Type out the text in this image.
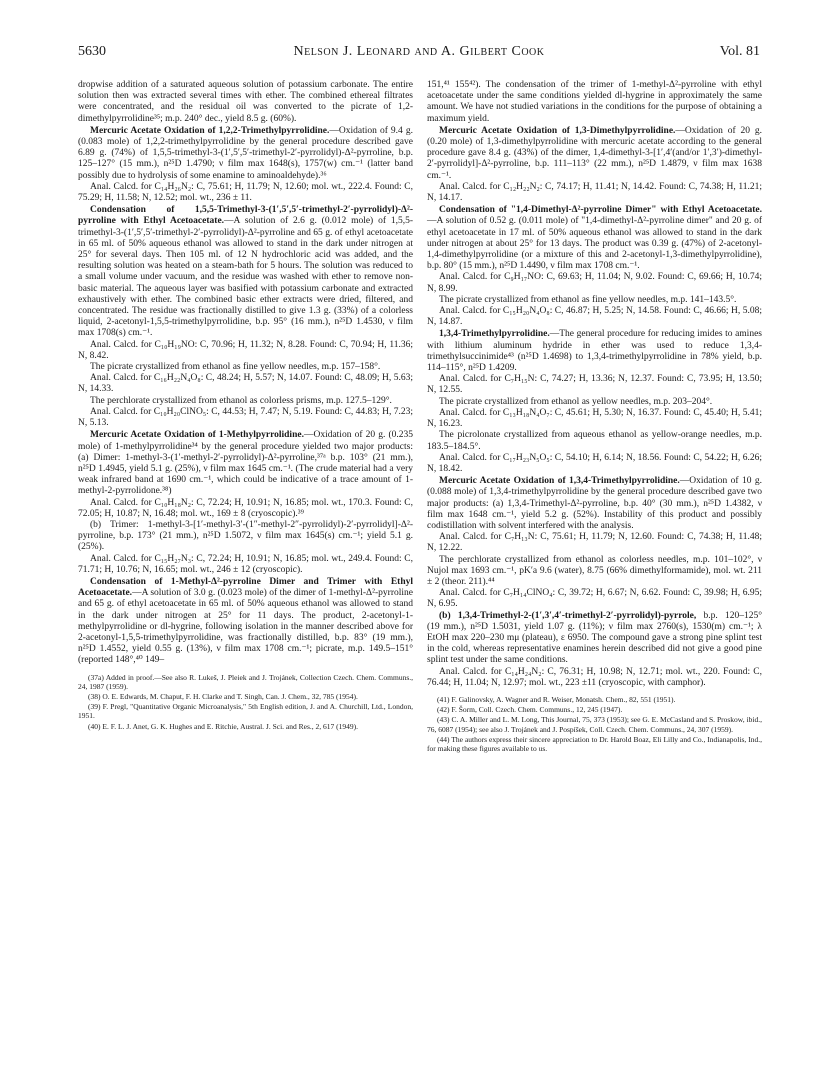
5630	Nelson J. Leonard and A. Gilbert Cook	Vol. 81

dropwise addition of a saturated aqueous solution of potassium carbonate. The entire solution then was extracted several times with ether. The combined ethereal filtrates were concentrated, and the residual oil was converted to the picrate of 1,2-dimethylpyrrolidine³⁵; m.p. 240° dec., yield 8.5 g. (60%).

Mercuric Acetate Oxidation of 1,2,2-Trimethylpyrrolidine.—Oxidation of 9.4 g. (0.083 mole) of 1,2,2-trimethylpyrrolidine by the general procedure described gave 6.89 g. (74%) of 1,5,5-trimethyl-3-(1′,5′,5′-trimethyl-2′-pyrrolidyl)-Δ²-pyrroline, b.p. 125–127° (15 mm.), n²⁵D 1.4790; ν film max 1648(s), 1757(w) cm.⁻¹ (latter band possibly due to hydrolysis of some enamine to aminoaldehyde).³⁶

Anal. Calcd. for C₁₄H₂₆N₂: C, 75.61; H, 11.79; N, 12.60; mol. wt., 222.4. Found: C, 75.29; H, 11.58; N, 12.52; mol. wt., 236 ± 11.

Condensation of 1,5,5-Trimethyl-3-(1′,5′,5′-trimethyl-2′-pyrrolidyl)-Δ²-pyrroline with Ethyl Acetoacetate.—A solution of 2.6 g. (0.012 mole) of 1,5,5-trimethyl-3-(1′,5′,5′-trimethyl-2′-pyrrolidyl)-Δ²-pyrroline and 65 g. of ethyl acetoacetate in 65 ml. of 50% aqueous ethanol was allowed to stand in the dark under nitrogen at 25° for several days. Then 105 ml. of 12 N hydrochloric acid was added, and the resulting solution was heated on a steam-bath for 5 hours. The solution was reduced to a small volume under vacuum, and the residue was washed with ether to remove non-basic material. The aqueous layer was basified with potassium carbonate and extracted exhaustively with ether. The combined basic ether extracts were dried, filtered, and concentrated. The residue was fractionally distilled to give 1.3 g. (33%) of a colorless liquid, 2-acetonyl-1,5,5-trimethylpyrrolidine, b.p. 95° (16 mm.), n²⁵D 1.4530, ν film max 1708(s) cm.⁻¹.

Anal. Calcd. for C₁₀H₁₉NO: C, 70.96; H, 11.32; N, 8.28. Found: C, 70.94; H, 11.36; N, 8.42.

The picrate crystallized from ethanol as fine yellow needles, m.p. 157–158°.

Anal. Calcd. for C₁₆H₂₂N₄O₈: C, 48.24; H, 5.57; N, 14.07. Found: C, 48.09; H, 5.63; N, 14.33.

The perchlorate crystallized from ethanol as colorless prisms, m.p. 127.5–129°.

Anal. Calcd. for C₁₀H₂₀ClNO₅: C, 44.53; H, 7.47; N, 5.19. Found: C, 44.83; H, 7.23; N, 5.13.

Mercuric Acetate Oxidation of 1-Methylpyrrolidine.—Oxidation of 20 g. (0.235 mole) of 1-methylpyrrolidine³⁴ by the general procedure yielded two major products: (a) Dimer: 1-methyl-3-(1′-methyl-2′-pyrrolidyl)-Δ²-pyrroline,³⁷ᵃ b.p. 103° (21 mm.), n²⁵D 1.4945, yield 5.1 g. (25%), ν film max 1645 cm.⁻¹. (The crude material had a very weak infrared band at 1690 cm.⁻¹, which could be indicative of a trace amount of 1-methyl-2-pyrrolidone.³⁸)

Anal. Calcd. for C₁₀H₁₈N₂: C, 72.24; H, 10.91; N, 16.85; mol. wt., 170.3. Found: C, 72.05; H, 10.87; N, 16.48; mol. wt., 169 ± 8 (cryoscopic).³⁹

(b) Trimer: 1-methyl-3-[1′-methyl-3′-(1″-methyl-2″-pyrrolidyl)-2′-pyrrolidyl]-Δ²-pyrroline, b.p. 173° (21 mm.), n²⁵D 1.5072, ν film max 1645(s) cm.⁻¹; yield 5.1 g. (25%).

Anal. Calcd. for C₁₅H₂₇N₃: C, 72.24; H, 10.91; N, 16.85; mol. wt., 249.4. Found: C, 71.71; H, 10.76; N, 16.65; mol. wt., 246 ± 12 (cryoscopic).

Condensation of 1-Methyl-Δ²-pyrroline Dimer and Trimer with Ethyl Acetoacetate.—A solution of 3.0 g. (0.023 mole) of the dimer of 1-methyl-Δ²-pyrroline and 65 g. of ethyl acetoacetate in 65 ml. of 50% aqueous ethanol was allowed to stand in the dark under nitrogen at 25° for 11 days. The product, 2-acetonyl-1-methylpyrrolidine or dl-hygrine, following isolation in the manner described above for 2-acetonyl-1,5,5-trimethylpyrrolidine, was fractionally distilled, b.p. 83° (19 mm.), n²⁵D 1.4552, yield 0.55 g. (13%), ν film max 1708 cm.⁻¹; picrate, m.p. 149.5–151° (reported 148°,⁴⁰ 149–

(37a) Added in proof.—See also R. Lukeš, J. Pleiek and J. Trojánek, Collection Czech. Chem. Communs., 24, 1987 (1959).

(38) O. E. Edwards, M. Chaput, F. H. Clarke and T. Singh, Can. J. Chem., 32, 785 (1954).

(39) F. Pregl, "Quantitative Organic Microanalysis," 5th English edition, J. and A. Churchill, Ltd., London, 1951.

(40) E. F. L. J. Anet, G. K. Hughes and E. Ritchie, Austral. J. Sci. and Res., 2, 617 (1949).

151,⁴¹ 155⁴²). The condensation of the trimer of 1-methyl-Δ²-pyrroline with ethyl acetoacetate under the same conditions yielded dl-hygrine in approximately the same amount. We have not studied variations in the conditions for the purpose of obtaining a maximum yield.

Mercuric Acetate Oxidation of 1,3-Dimethylpyrrolidine.—Oxidation of 20 g. (0.20 mole) of 1,3-dimethylpyrrolidine with mercuric acetate according to the general procedure gave 8.4 g. (43%) of the dimer, 1,4-dimethyl-3-[1′,4′(and/or 1′,3′)-dimethyl-2′-pyrrolidyl]-Δ²-pyrroline, b.p. 111–113° (22 mm.), n²⁵D 1.4879, ν film max 1638 cm.⁻¹.

Anal. Calcd. for C₁₂H₂₂N₂: C, 74.17; H, 11.41; N, 14.42. Found: C, 74.38; H, 11.21; N, 14.17.

Condensation of "1,4-Dimethyl-Δ²-pyrroline Dimer" with Ethyl Acetoacetate.—A solution of 0.52 g. (0.011 mole) of "1,4-dimethyl-Δ²-pyrroline dimer" and 20 g. of ethyl acetoacetate in 17 ml. of 50% aqueous ethanol was allowed to stand in the dark under nitrogen at about 25° for 13 days. The product was 0.39 g. (47%) of 2-acetonyl-1,4-dimethylpyrrolidine (or a mixture of this and 2-acetonyl-1,3-dimethylpyrrolidine), b.p. 80° (15 mm.), n²⁵D 1.4490, ν film max 1708 cm.⁻¹.

Anal. Calcd. for C₉H₁₇NO: C, 69.63; H, 11.04; N, 9.02. Found: C, 69.66; H, 10.74; N, 8.99.

The picrate crystallized from ethanol as fine yellow needles, m.p. 141–143.5°.

Anal. Calcd. for C₁₅H₂₀N₄O₈: C, 46.87; H, 5.25; N, 14.58. Found: C, 46.66; H, 5.08; N, 14.87.

1,3,4-Trimethylpyrrolidine.—The general procedure for reducing imides to amines with lithium aluminum hydride in ether was used to reduce 1,3,4-trimethylsuccinimide⁴³ (n²⁵D 1.4698) to 1,3,4-trimethylpyrrolidine in 78% yield, b.p. 114–115°, n²⁵D 1.4209.

Anal. Calcd. for C₇H₁₅N: C, 74.27; H, 13.36; N, 12.37. Found: C, 73.95; H, 13.50; N, 12.55.

The picrate crystallized from ethanol as yellow needles, m.p. 203–204°.

Anal. Calcd. for C₁₃H₁₈N₄O₇: C, 45.61; H, 5.30; N, 16.37. Found: C, 45.40; H, 5.41; N, 16.23.

The picrolonate crystallized from aqueous ethanol as yellow-orange needles, m.p. 183.5–184.5°.

Anal. Calcd. for C₁₇H₂₃N₅O₅: C, 54.10; H, 6.14; N, 18.56. Found: C, 54.22; H, 6.26; N, 18.42.

Mercuric Acetate Oxidation of 1,3,4-Trimethylpyrrolidine.—Oxidation of 10 g. (0.088 mole) of 1,3,4-trimethylpyrrolidine by the general procedure described gave two major products: (a) 1,3,4-Trimethyl-Δ²-pyrroline, b.p. 40° (30 mm.), n²⁵D 1.4382, ν film max 1648 cm.⁻¹, yield 5.2 g. (52%). Instability of this product and possibly codistillation with solvent interfered with the analysis.

Anal. Calcd. for C₇H₁₃N: C, 75.61; H, 11.79; N, 12.60. Found: C, 74.38; H, 11.48; N, 12.22.

The perchlorate crystallized from ethanol as colorless needles, m.p. 101–102°, ν Nujol max 1693 cm.⁻¹, pK′a 9.6 (water), 8.75 (66% dimethylformamide), mol. wt. 211 ± 2 (theor. 211).⁴⁴

Anal. Calcd. for C₇H₁₄ClNO₄: C, 39.72; H, 6.67; N, 6.62. Found: C, 39.98; H, 6.95; N, 6.95.

(b) 1,3,4-Trimethyl-2-(1′,3′,4′-trimethyl-2′-pyrrolidyl)-pyrrole, b.p. 120–125° (19 mm.), n²⁵D 1.5031, yield 1.07 g. (11%); ν film max 2760(s), 1530(m) cm.⁻¹; λ EtOH max 220–230 mμ (plateau), ε 6950. The compound gave a strong pine splint test in the cold, whereas representative enamines herein described did not give a good pine splint test under the same conditions.

Anal. Calcd. for C₁₄H₂₄N₂: C, 76.31; H, 10.98; N, 12.71; mol. wt., 220. Found: C, 76.44; H, 11.04; N, 12.97; mol. wt., 223 ±11 (cryoscopic, with camphor).

(41) F. Galinovsky, A. Wagner and R. Weiser, Monatsh. Chem., 82, 551 (1951).

(42) F. Šorm, Coll. Czech. Chem. Communs., 12, 245 (1947).

(43) C. A. Miller and L. M. Long, This Journal, 75, 373 (1953); see G. E. McCasland and S. Proskow, ibid., 76, 6087 (1954); see also J. Trojánek and J. Pospíšek, Coll. Czech. Chem. Communs., 24, 307 (1959).

(44) The authors express their sincere appreciation to Dr. Harold Boaz, Eli Lilly and Co., Indianapolis, Ind., for making these figures available to us.
